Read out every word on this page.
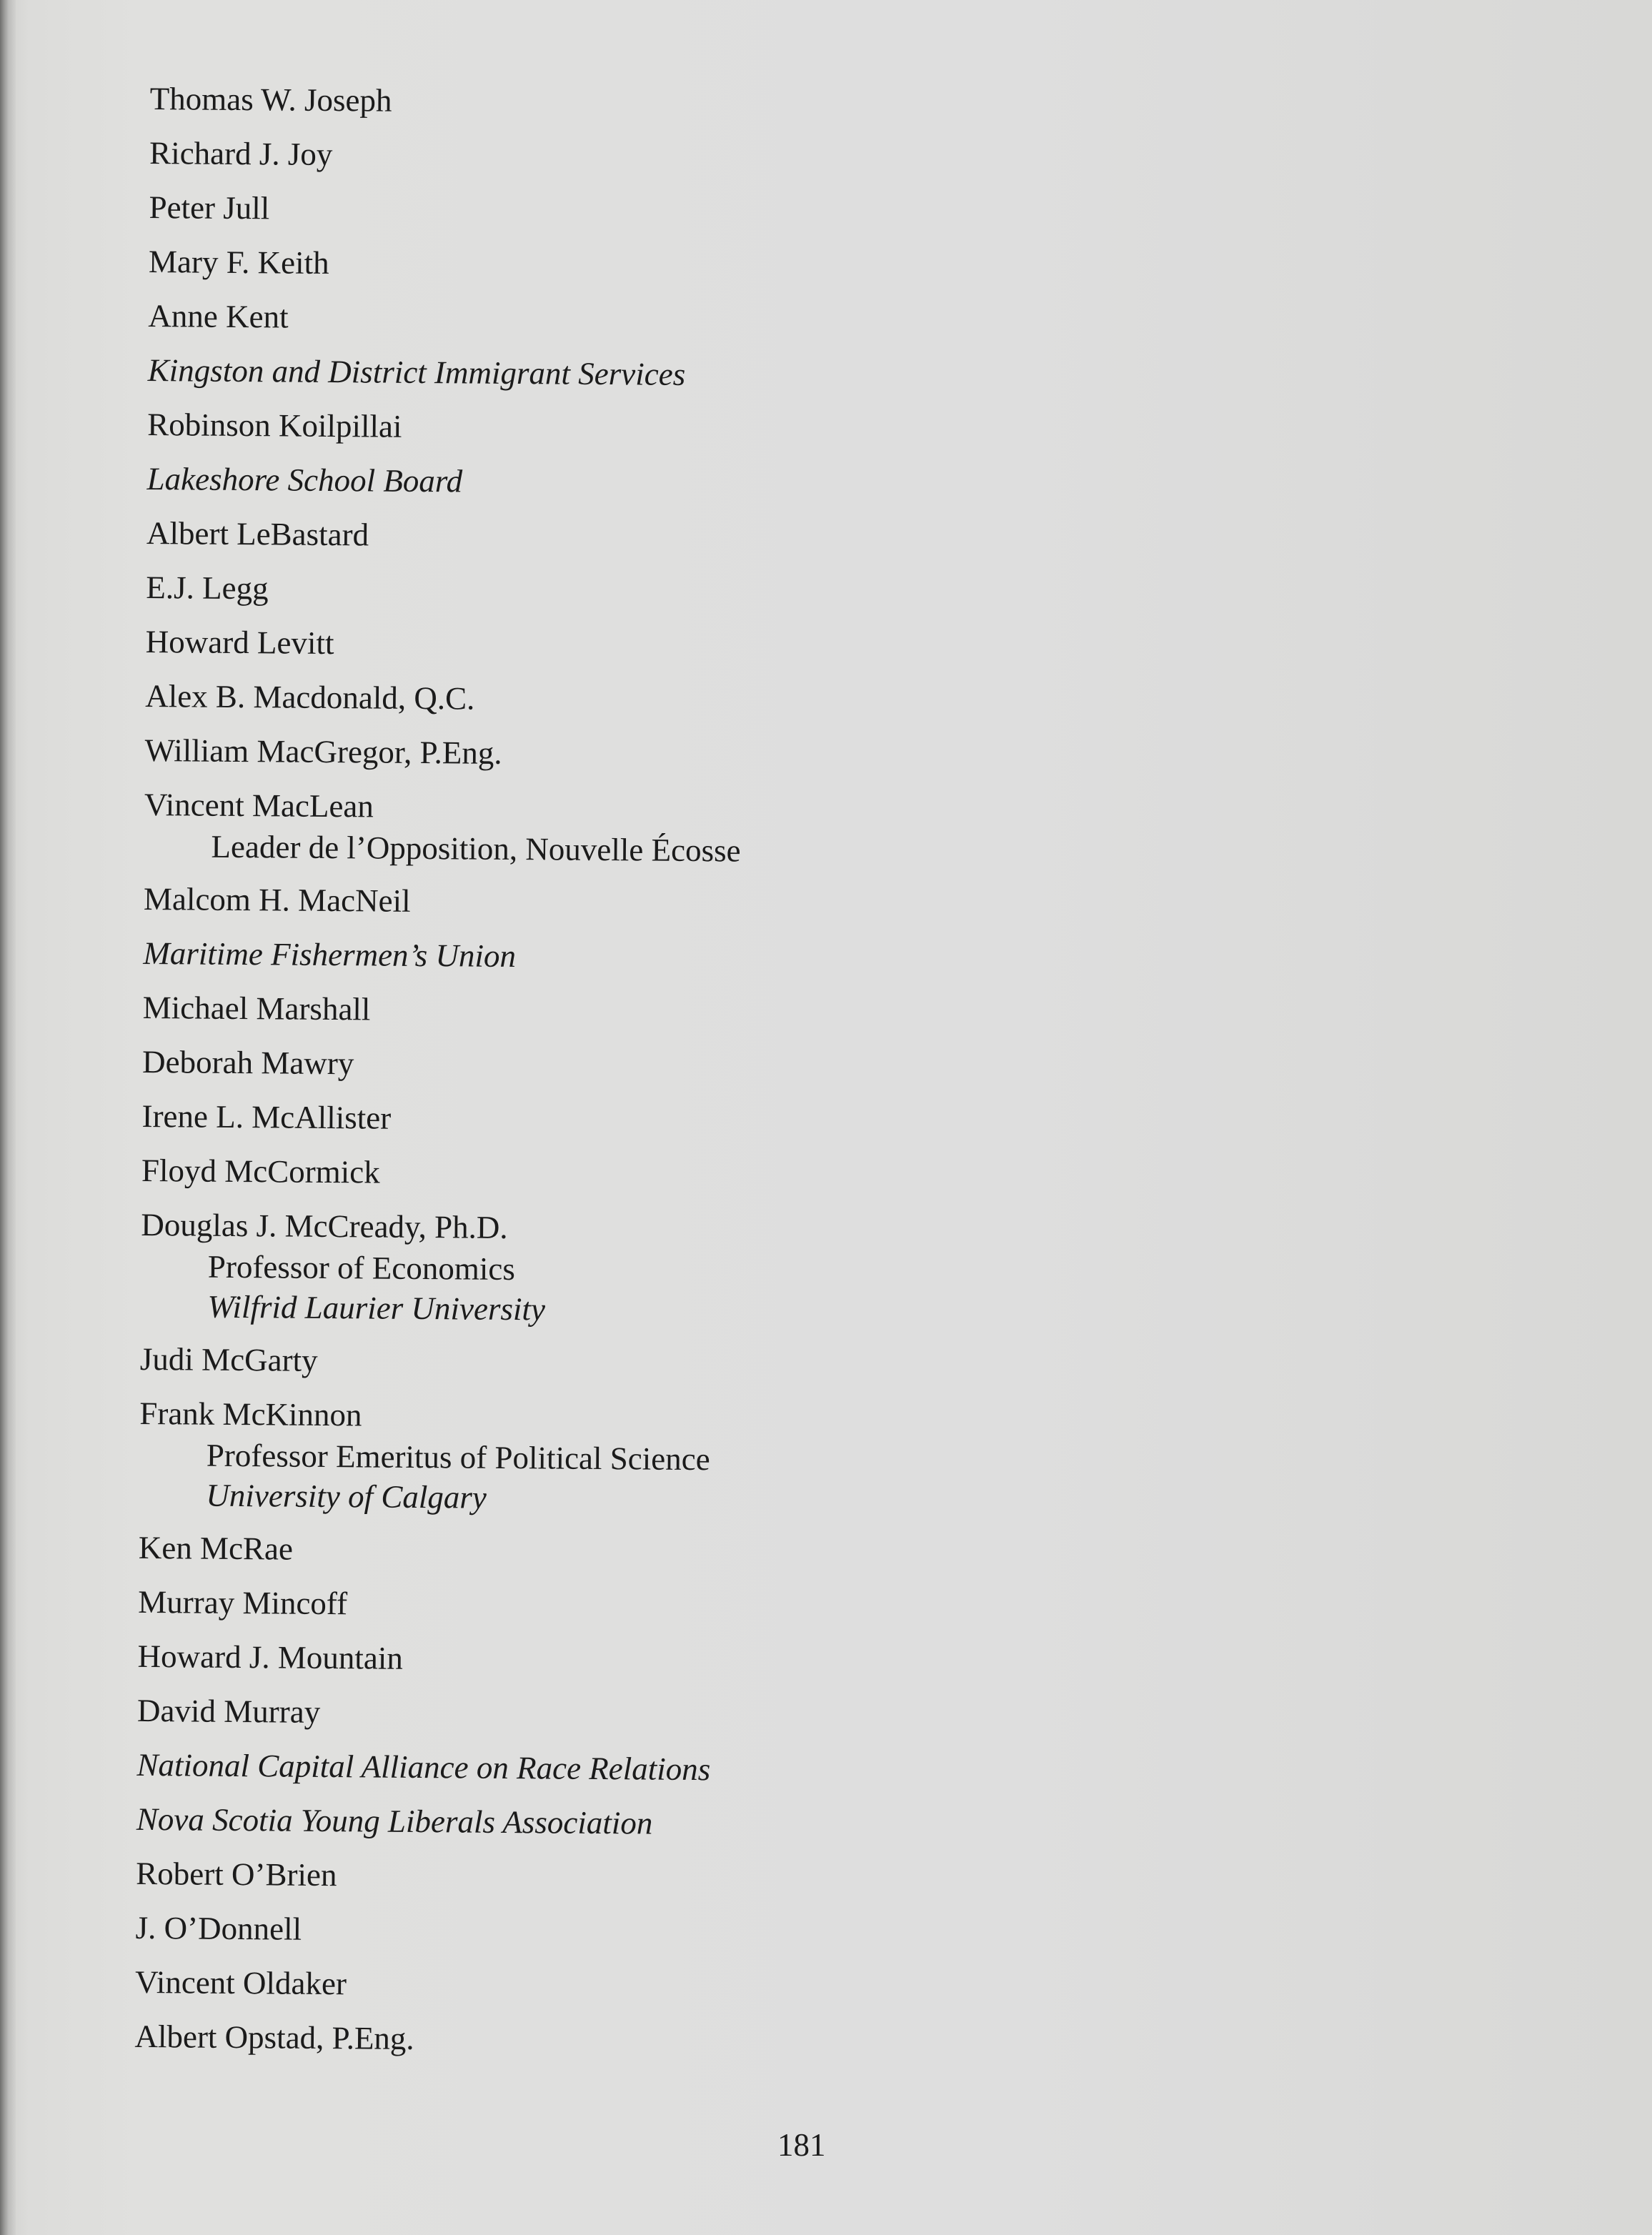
Thomas W. Joseph
Richard J. Joy
Peter Jull
Mary F. Keith
Anne Kent
Kingston and District Immigrant Services
Robinson Koilpillai
Lakeshore School Board
Albert LeBastard
E.J. Legg
Howard Levitt
Alex B. Macdonald, Q.C.
William MacGregor, P.Eng.
Vincent MacLean
Leader de l’Opposition, Nouvelle Écosse
Malcom H. MacNeil
Maritime Fishermen’s Union
Michael Marshall
Deborah Mawry
Irene L. McAllister
Floyd McCormick
Douglas J. McCready, Ph.D.
Professor of Economics
Wilfrid Laurier University
Judi McGarty
Frank McKinnon
Professor Emeritus of Political Science
University of Calgary
Ken McRae
Murray Mincoff
Howard J. Mountain
David Murray
National Capital Alliance on Race Relations
Nova Scotia Young Liberals Association
Robert O’Brien
J. O’Donnell
Vincent Oldaker
Albert Opstad, P.Eng.
181
